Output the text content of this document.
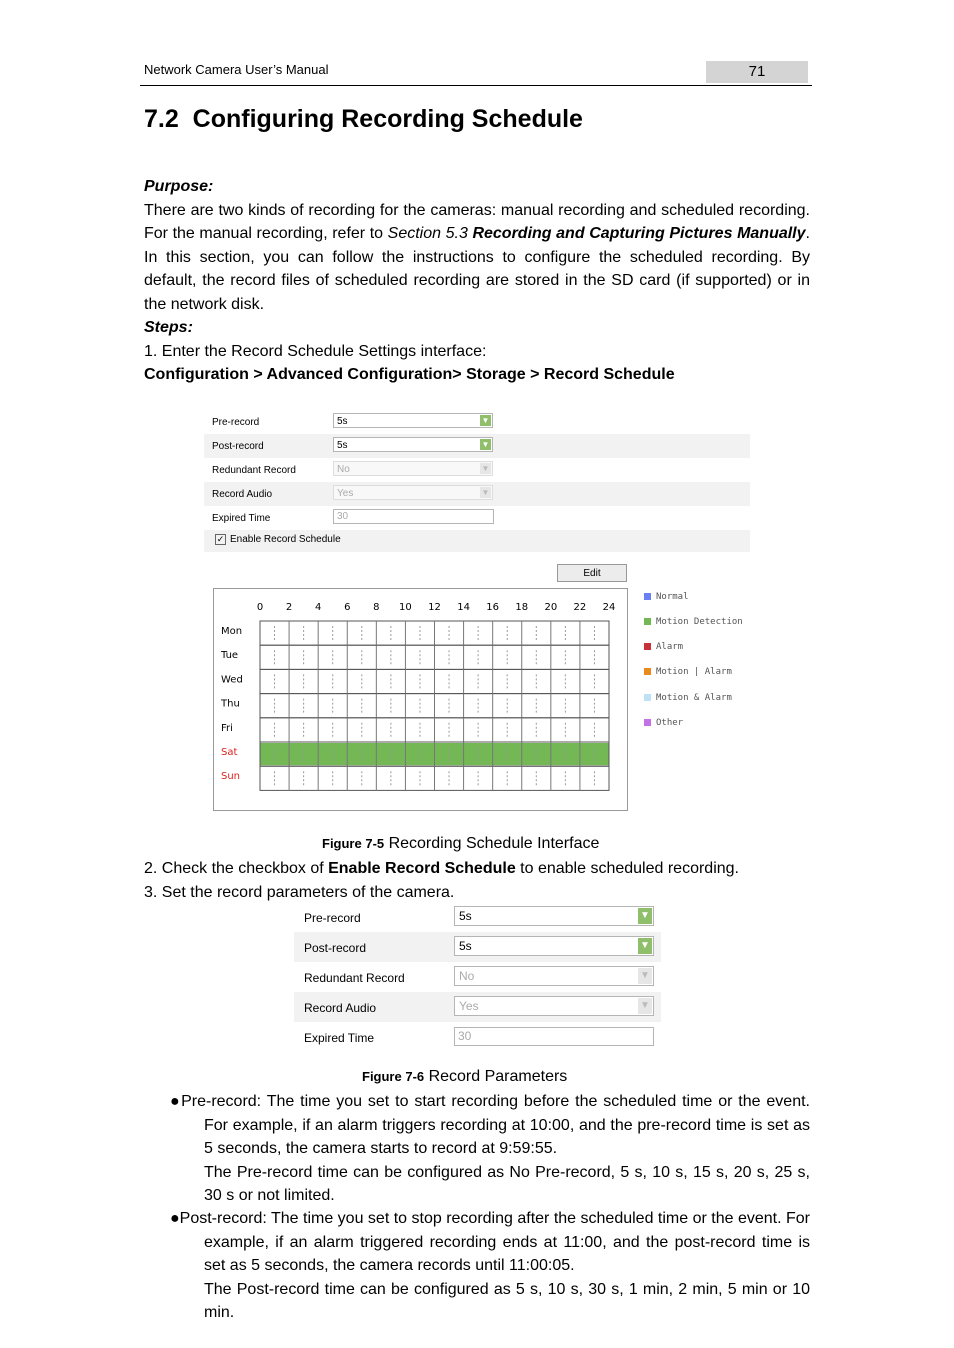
Network Camera User’s Manual	71
7.2 Configuring Recording Schedule
Purpose:
There are two kinds of recording for the cameras: manual recording and scheduled recording. For the manual recording, refer to Section 5.3 Recording and Capturing Pictures Manually. In this section, you can follow the instructions to configure the scheduled recording. By default, the record files of scheduled recording are stored in the SD card (if supported) or in the network disk.
Steps:
1. Enter the Record Schedule Settings interface:
Configuration > Advanced Configuration> Storage > Record Schedule
Pre-record	5s	▼
Post-record	5s	▼
Redundant Record	No	▼
Record Audio	Yes	▼
Expired Time	30
✓ Enable Record Schedule
Edit
0 2 4 6 8 10 12 14 16 18 20 22 24
Mon
Tue
Wed
Thu
Fri
Sat
Sun
Normal
Motion Detection
Alarm
Motion | Alarm
Motion & Alarm
Other
Figure 7-5 Recording Schedule Interface
2. Check the checkbox of Enable Record Schedule to enable scheduled recording.
3. Set the record parameters of the camera.
Pre-record	5s	▼
Post-record	5s	▼
Redundant Record	No	▼
Record Audio	Yes	▼
Expired Time	30
Figure 7-6 Record Parameters
●Pre-record: The time you set to start recording before the scheduled time or the event. For example, if an alarm triggers recording at 10:00, and the pre-record time is set as 5 seconds, the camera starts to record at 9:59:55.
The Pre-record time can be configured as No Pre-record, 5 s, 10 s, 15 s, 20 s, 25 s, 30 s or not limited.
●Post-record: The time you set to stop recording after the scheduled time or the event. For example, if an alarm triggered recording ends at 11:00, and the post-record time is set as 5 seconds, the camera records until 11:00:05.
The Post-record time can be configured as 5 s, 10 s, 30 s, 1 min, 2 min, 5 min or 10 min.
